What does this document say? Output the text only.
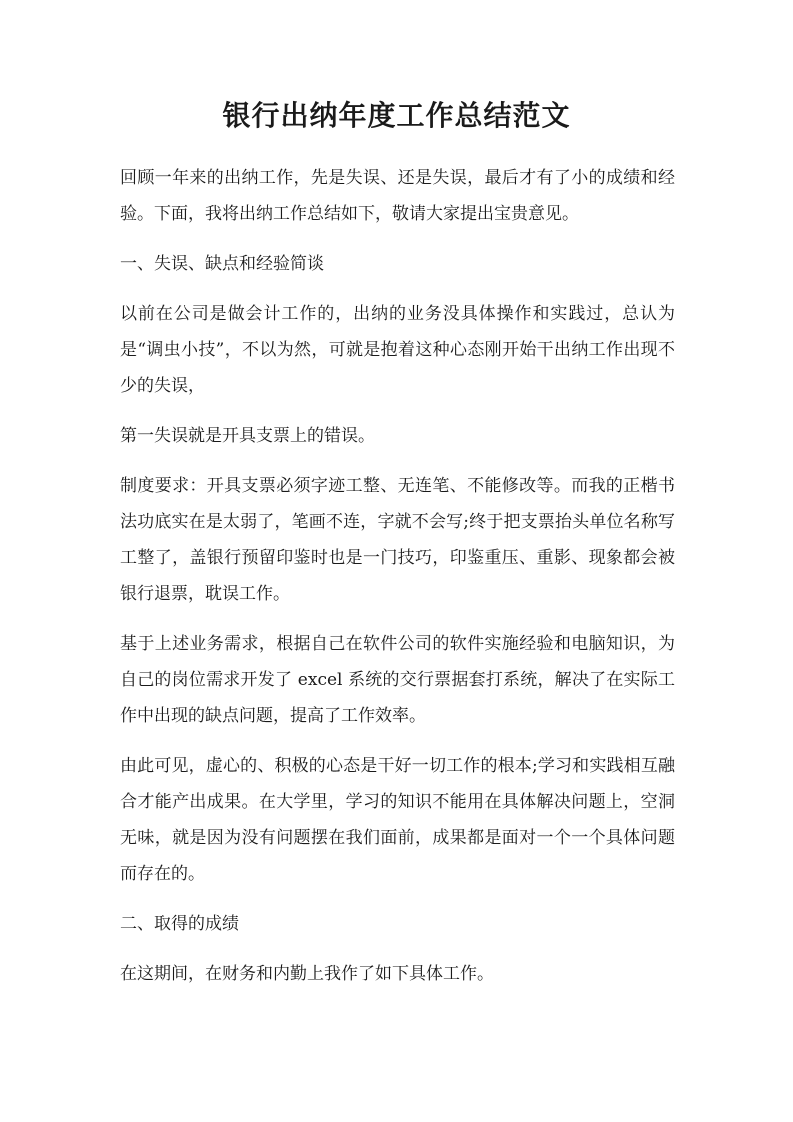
银行出纳年度工作总结范文

回顾一年来的出纳工作，先是失误、还是失误，最后才有了小的成绩和经验。下面，我将出纳工作总结如下，敬请大家提出宝贵意见。

一、失误、缺点和经验简谈

以前在公司是做会计工作的，出纳的业务没具体操作和实践过，总认为是“调虫小技”，不以为然，可就是抱着这种心态刚开始干出纳工作出现不少的失误，

第一失误就是开具支票上的错误。

制度要求：开具支票必须字迹工整、无连笔、不能修改等。而我的正楷书法功底实在是太弱了，笔画不连，字就不会写;终于把支票抬头单位名称写工整了，盖银行预留印鉴时也是一门技巧，印鉴重压、重影、现象都会被银行退票，耽误工作。

基于上述业务需求，根据自己在软件公司的软件实施经验和电脑知识，为自己的岗位需求开发了 excel 系统的交行票据套打系统，解决了在实际工作中出现的缺点问题，提高了工作效率。

由此可见，虚心的、积极的心态是干好一切工作的根本;学习和实践相互融合才能产出成果。在大学里，学习的知识不能用在具体解决问题上，空洞无味，就是因为没有问题摆在我们面前，成果都是面对一个一个具体问题而存在的。

二、取得的成绩

在这期间，在财务和内勤上我作了如下具体工作。
